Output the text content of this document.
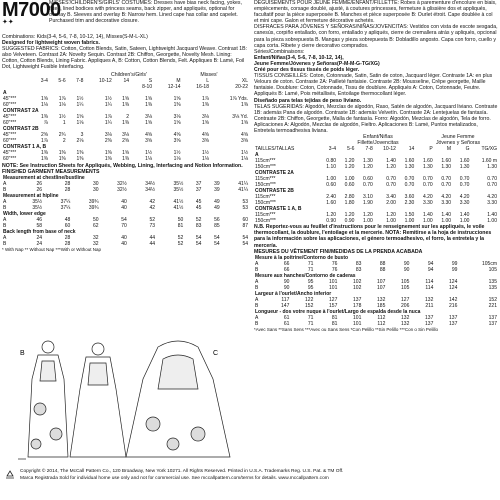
M7000
✦✦

MISSES'/CHILDREN'S/GIRLS' COSTUMES: Dresses have bias neck facing, yokes, fitted, lined bodices with princess seams, back zipper, and appliqués, optional for overlay B. Sleeves and overlay B: Narrow hem. Lined cape has collar and capelet. Purchased trim and decorative closure.

Combinations: Kids(3-4, 5-6, 7-8, 10-12, 14), Misses(S-M-L-XL)

Designed for lightweight woven fabrics.

SUGGESTED FABRICS: Cotton, Cotton Blends, Satin, Sateen, Lightweight Jacquard Weave. Contrast 1B: also Velveteen. Contrast 2A: Novelty Sequin. Contrast 2B: Chiffon, Georgette, Novelty Mesh. Lining: Cotton, Cotton Blends, Lining Fabric. Appliques A, B: Cotton, Cotton Blends, Felt. Appliques B: Lamé, Foil Dot, Lightweight Fusible Interfacing.

Children's/Girls'	Misses'
	3-4	5-6	7-8	10-12	14	S	M	L	XL
						8-10	12-14	16-18	20-22
A									
45"***	1⅝	1⅞	1½	1½	1⅝	1⅝	1⅝	1⅞	1⅞ Yds.
60"***	1⅛	1⅛	1¼	1¼	1⅜	1⅜	1⅜	1⅜	1⅜
CONTRAST 2A									
45"***	1⅜	1½	1⅝	1⅞	2	3⅛	3⅛	3⅛	3⅛ Yd.
60"***	⅞	1	1⅛	1¼	1⅜	1⅝	1⅝	1⅝	1⅝
CONTRAST 2B									
45"***	2⅝	2¾	3	3⅛	3⅛	4⅝	4⅝	4⅝	4⅝
60"***	1⅞	2	2⅛	2⅜	2⅝	3⅝	3⅝	3⅝	3⅝
CONTRAST 1 A, B									
45"***	1⅜	1⅜	1⅜	1⅜	1⅝	1½	1½	1½	1½
60"***	1⅜	1⅜	1⅜	1⅜	1⅜	1⅛	1⅛	1⅛	1⅛

NOTE: See Instruction Sheets for Appliqués, Webbing, Lining, Interfacing and Notion Information.

FINISHED GARMENT MEASUREMENTS

Measurement at chestline/bustline									
A	26	28	30	32½	34½	35½	37	39	41¼
B	26	28	30	32½	34½	35½	37	39	41¼
Measurement at hipline									
A	35½	37¼	39¾	40	42	41½	45	49	53
B	35½	37¼	39¾	40	42	41½	45	49	53
Width, lower edge									
A	46	48	50	54	52	50	52	56	60
B	58	60	62	70	73	81	83	85	87
Back length from base of neck									
A	24	28	32	40	44	52	54	54	54
B	24	28	32	40	44	52	54	54	54

* With Nap ** Without Nap ***With or Without Nap

B	C

DÉGUISEMENTS POUR JEUNE FEMME/ENFANT/FILLETTE: Robes à parementure d'encolure en biais, empiècements, corsage doublé, ajusté, à coutures princesses, fermeture à glissière dos et appliqués, facultatif pour la pièce superposée B. Manches et pièce superposée B: Ourlet étroit. Cape doublée à col et mini cape. Galon et fermeture décorative achetés.

DISFRACES PARA JÓVENES Y SEÑORAS/NIÑAS/JOVENCITAS: Vestidos con vista de escote sesgada, canesús, corpiño entallado, con forro, entallado y apliqués, cierre de cremallera atrás y apliqués, opcional para la pieza sobrepuesta B. Mangas y pieza sobrepuesta B: Dobladillo angosto. Capa con forro, cuello y capa corta. Ribete y cierre decorativo comprados.

Séries/Combinaisons:

Enfant/Niñas(3-4, 5-6, 7-8, 10-12, 14),

Jeune Femme/Jóvenes y Señoras(P-M-M-G-TG/XG)

Créé pour des tissus tissés de poids léger.

TISSUS CONSEILLÉS: Coton, Cotonnade, Satin, Satin de coton, Jacquard léger. Contraste 1A: en plus Velours de coton. Contraste 2A: Pailleté fantaisie. Contraste 2B: Mousseline, Crêpe georgette, Maille fantaisie. Doublure: Coton, Cotonnade, Tissu de doublure. Appliqués A: Coton, Cotonnade, Feutre. Appliqués B: Lamé, Pois métallisés, Entoilage thermocollant léger.

Diseñado para telas tejidas de peso liviano.

TELAS SUGERIDAS: Algodón, Mezclas de algodón, Raso, Satén de algodón, Jacquard liviano. Contraste 1B: además Pana de algodón. Contraste 1B: además Velvetín. Contraste 2A: Lentejuelas de fantasía. Contraste 2B: Chiffon, Georgette, Malla de fantasía. Forro: Algodón, Mezclas de algodón, Tela de forro. Aplicaciones A: Algodón, Mezclas de algodón, Fieltro. Aplicaciones B: Lamé, Puntos metalizados, Entretela termoadhesiva liviana.

Enfant/Niñas
Fillette/Jovencitas
Jeune Femme
Jóvenes y Señoras
TAILLES/TALLAS	3-4	5-6	7-8	10-12	14	P	M	G	TG/XG
A									
115cm***	0.80	1.20	1.30	1.40	1.60	1.60	1.60	1.60	1.60 m
150cm***	1.10	1.20	1.20	1.20	1.30	1.30	1.30	1.30	1.30
CONTRASTE 2A									
115cm***	1.00	1.00	0.60	0.70	0.70	0.70	0.70	0.70	0.70
150cm***	0.60	0.60	0.70	0.70	0.70	0.70	0.70	0.70	0.70
CONTRASTE 2B									
115cm***	2.40	2.80	3.10	3.40	3.60	4.20	4.20	4.20	4.20
150cm***	1.60	1.80	1.90	2.00	2.30	3.30	3.30	3.30	3.30
CONTRASTE 1 A, B									
115cm***	1.20	1.20	1.20	1.20	1.50	1.40	1.40	1.40	1.40
150cm***	0.90	0.90	1.00	1.00	1.00	1.00	1.00	1.00	1.00

N.B. Reportez-vous au feuillet d'instructions pour le renseignement sur les appliqués, le voile thermocollant, la doublure, l'entoilage et la mercerie. NOTA: Remitirse a la hoja de instrucciones para la información sobre las aplicaciones, el género termoadhesivo, el forro, la entretela y la mercería.

MESURES DU VÊTEMENT FINI/MEDIDAS DE LA PRENDA ACABADA

Mesure à la poitrine/Contorno de busto									
A	66	71	76	83	88	90	94	99	105cm
B	66	71	76	83	88	90	94	99	105
Mesure aux hanches/Contorno de caderas									
A	90	95	101	102	107	105	114	124	135
B	90	95	101	102	107	105	114	124	135
Largeur à l'ourlet/Ancho inferior									
A	117	122	127	137	132	127	132	142	152
B	147	152	157	178	185	206	211	216	221
Longueur - dos votre nuque à l'ourlet/Largo de espalda desde la nuca									
A	61	71	81	101	112	132	137	137	137
B	61	71	81	101	112	132	137	137	137

*Avec Sans **Sans Sens ***Avec ou Sans Sens *Con Pelillo **Sin Pelillo ***Con o Sin Pelillo

Copyright © 2014, The McCall Pattern Co., 120 Broadway, New York 10271. All Rights Reserved. Printed in U.S.A. Trademarks Reg. U.S. Pat. & TM Off.
Marca Registrada Sold for individual home use only and not for commercial use. See mccallpattern.com/terms for details. www.mccallpattern.com
